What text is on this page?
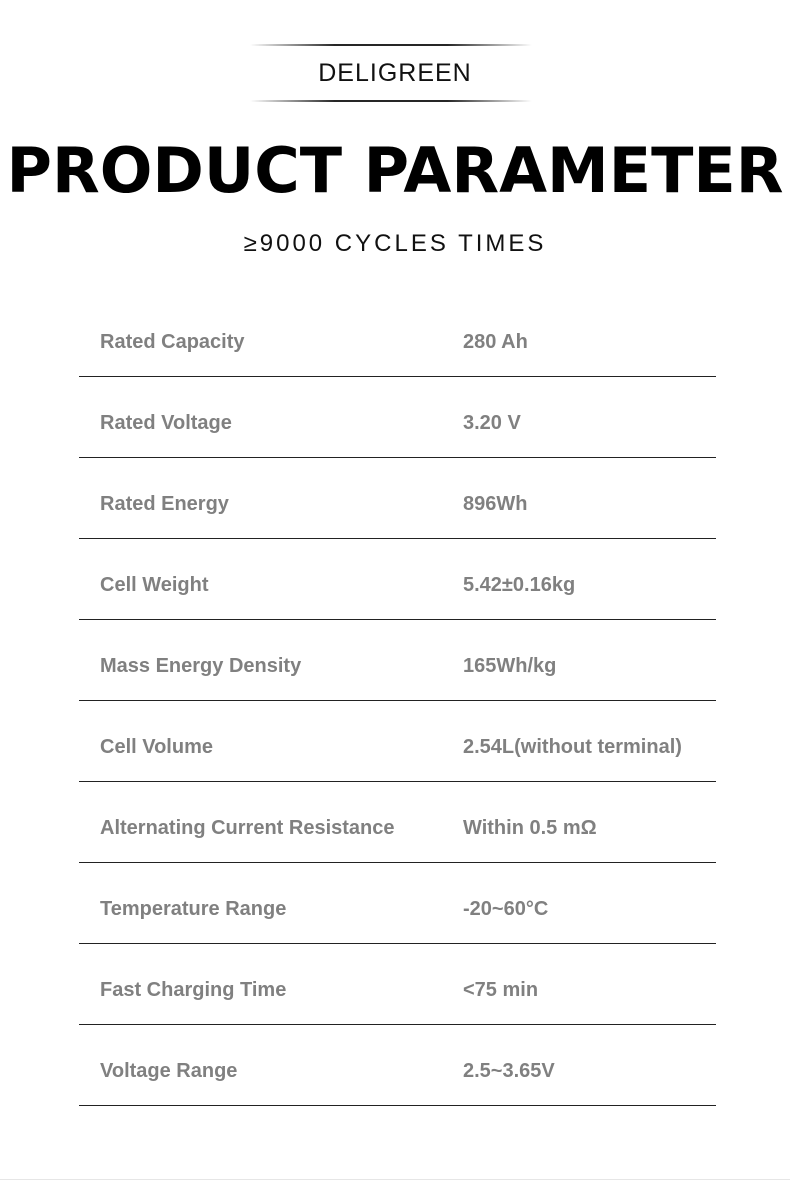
DELIGREEN
PRODUCT PARAMETER
≥9000 CYCLES TIMES
Rated Capacity	280 Ah
Rated Voltage	3.20 V
Rated Energy	896Wh
Cell Weight	5.42±0.16kg
Mass Energy Density	165Wh/kg
Cell Volume	2.54L(without terminal)
Alternating Current Resistance	Within 0.5 mΩ
Temperature Range	-20~60°C
Fast Charging Time	<75 min
Voltage Range	2.5~3.65V
